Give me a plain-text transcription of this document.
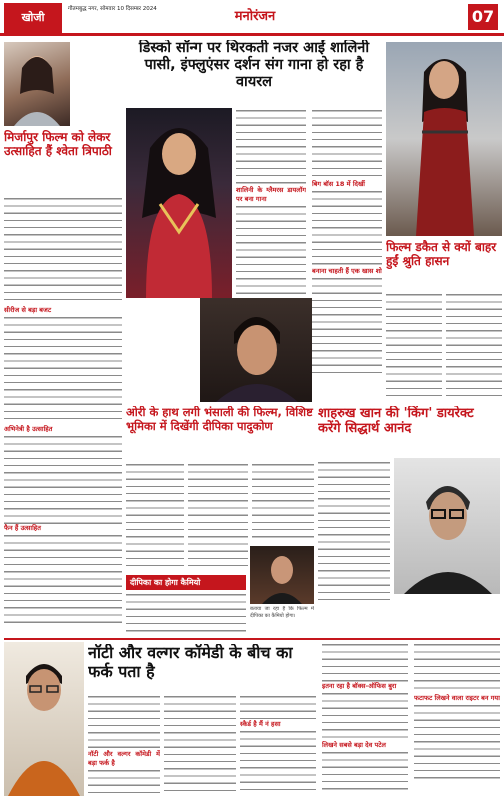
खोजी
गौतमबुद्ध नगर, सोमवार 10 दिसम्बर 2024	मनोरंजन	07
मिर्जापुर फिल्म को लेकर उत्साहित हैं श्वेता त्रिपाठी
सीरीज से बड़ा बजट
अभिनेत्री है उत्साहित
फैन हैं उत्साहित
डिस्को सॉन्ग पर थिरकती नजर आईं शालिनी पासी, इंफ्लुएंसर दर्शन संग गाना हो रहा है वायरल
शालिनी के ग्लैमरस डायलॉग पर बना गाना
बिग बॉस 18 में दिखीं
बनाना चाहती हैं एक खास शो
ओरी के हाथ लगी भंसाली की फिल्म, विशिष्ट भूमिका में दिखेंगी दीपिका पादुकोण
शाहरुख खान की 'किंग' डायरेक्ट करेंगे सिद्धार्थ आनंद
दीपिका का होगा कैमियो
बताया जा रहा है कि फिल्म में दीपिका का कैमियो होगा।
फिल्म डकैत से क्यों बाहर हुईं श्रुति हासन
नॉटी और वल्गर कॉमेडी के बीच का फर्क पता है
नॉटी और वल्गर कॉमेडी में बड़ा फर्क है
स्कैर्ड है मैं नं हसा
इतना रहा है बॉक्स-ऑफिस बुरा
लिखने सबसे बड़ा देव पटेल
फटाफट लिखने वाला राइटर बन गया
